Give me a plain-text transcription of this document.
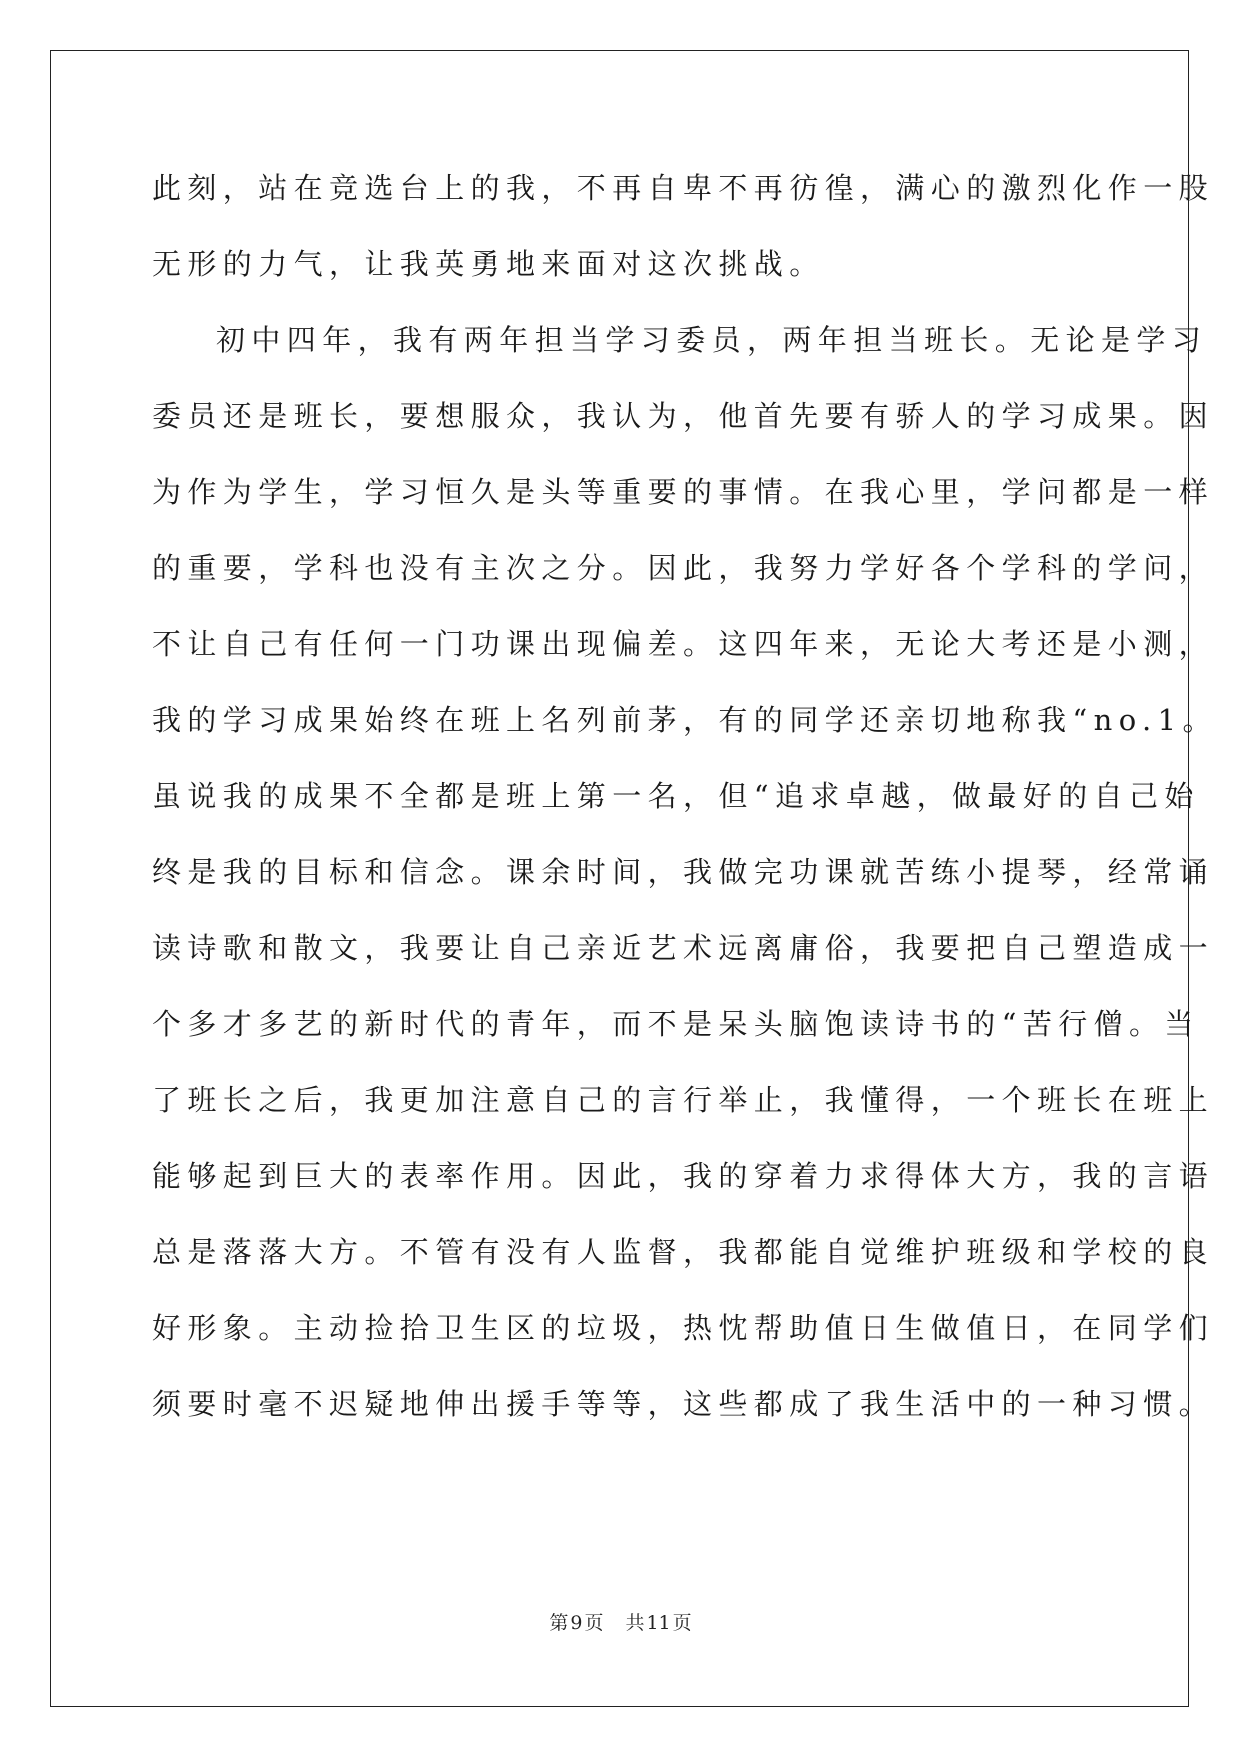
此刻，站在竞选台上的我，不再自卑不再彷徨，满心的激烈化作一股
无形的力气，让我英勇地来面对这次挑战。
初中四年，我有两年担当学习委员，两年担当班长。无论是学习
委员还是班长，要想服众，我认为，他首先要有骄人的学习成果。因
为作为学生，学习恒久是头等重要的事情。在我心里，学问都是一样
的重要，学科也没有主次之分。因此，我努力学好各个学科的学问，
不让自己有任何一门功课出现偏差。这四年来，无论大考还是小测，
我的学习成果始终在班上名列前茅，有的同学还亲切地称我“no.1。
虽说我的成果不全都是班上第一名，但“追求卓越，做最好的自己始
终是我的目标和信念。课余时间，我做完功课就苦练小提琴，经常诵
读诗歌和散文，我要让自己亲近艺术远离庸俗，我要把自己塑造成一
个多才多艺的新时代的青年，而不是呆头脑饱读诗书的“苦行僧。当
了班长之后，我更加注意自己的言行举止，我懂得，一个班长在班上
能够起到巨大的表率作用。因此，我的穿着力求得体大方，我的言语
总是落落大方。不管有没有人监督，我都能自觉维护班级和学校的良
好形象。主动捡拾卫生区的垃圾，热忱帮助值日生做值日，在同学们
须要时毫不迟疑地伸出援手等等，这些都成了我生活中的一种习惯。
第 9 页 共 11 页
